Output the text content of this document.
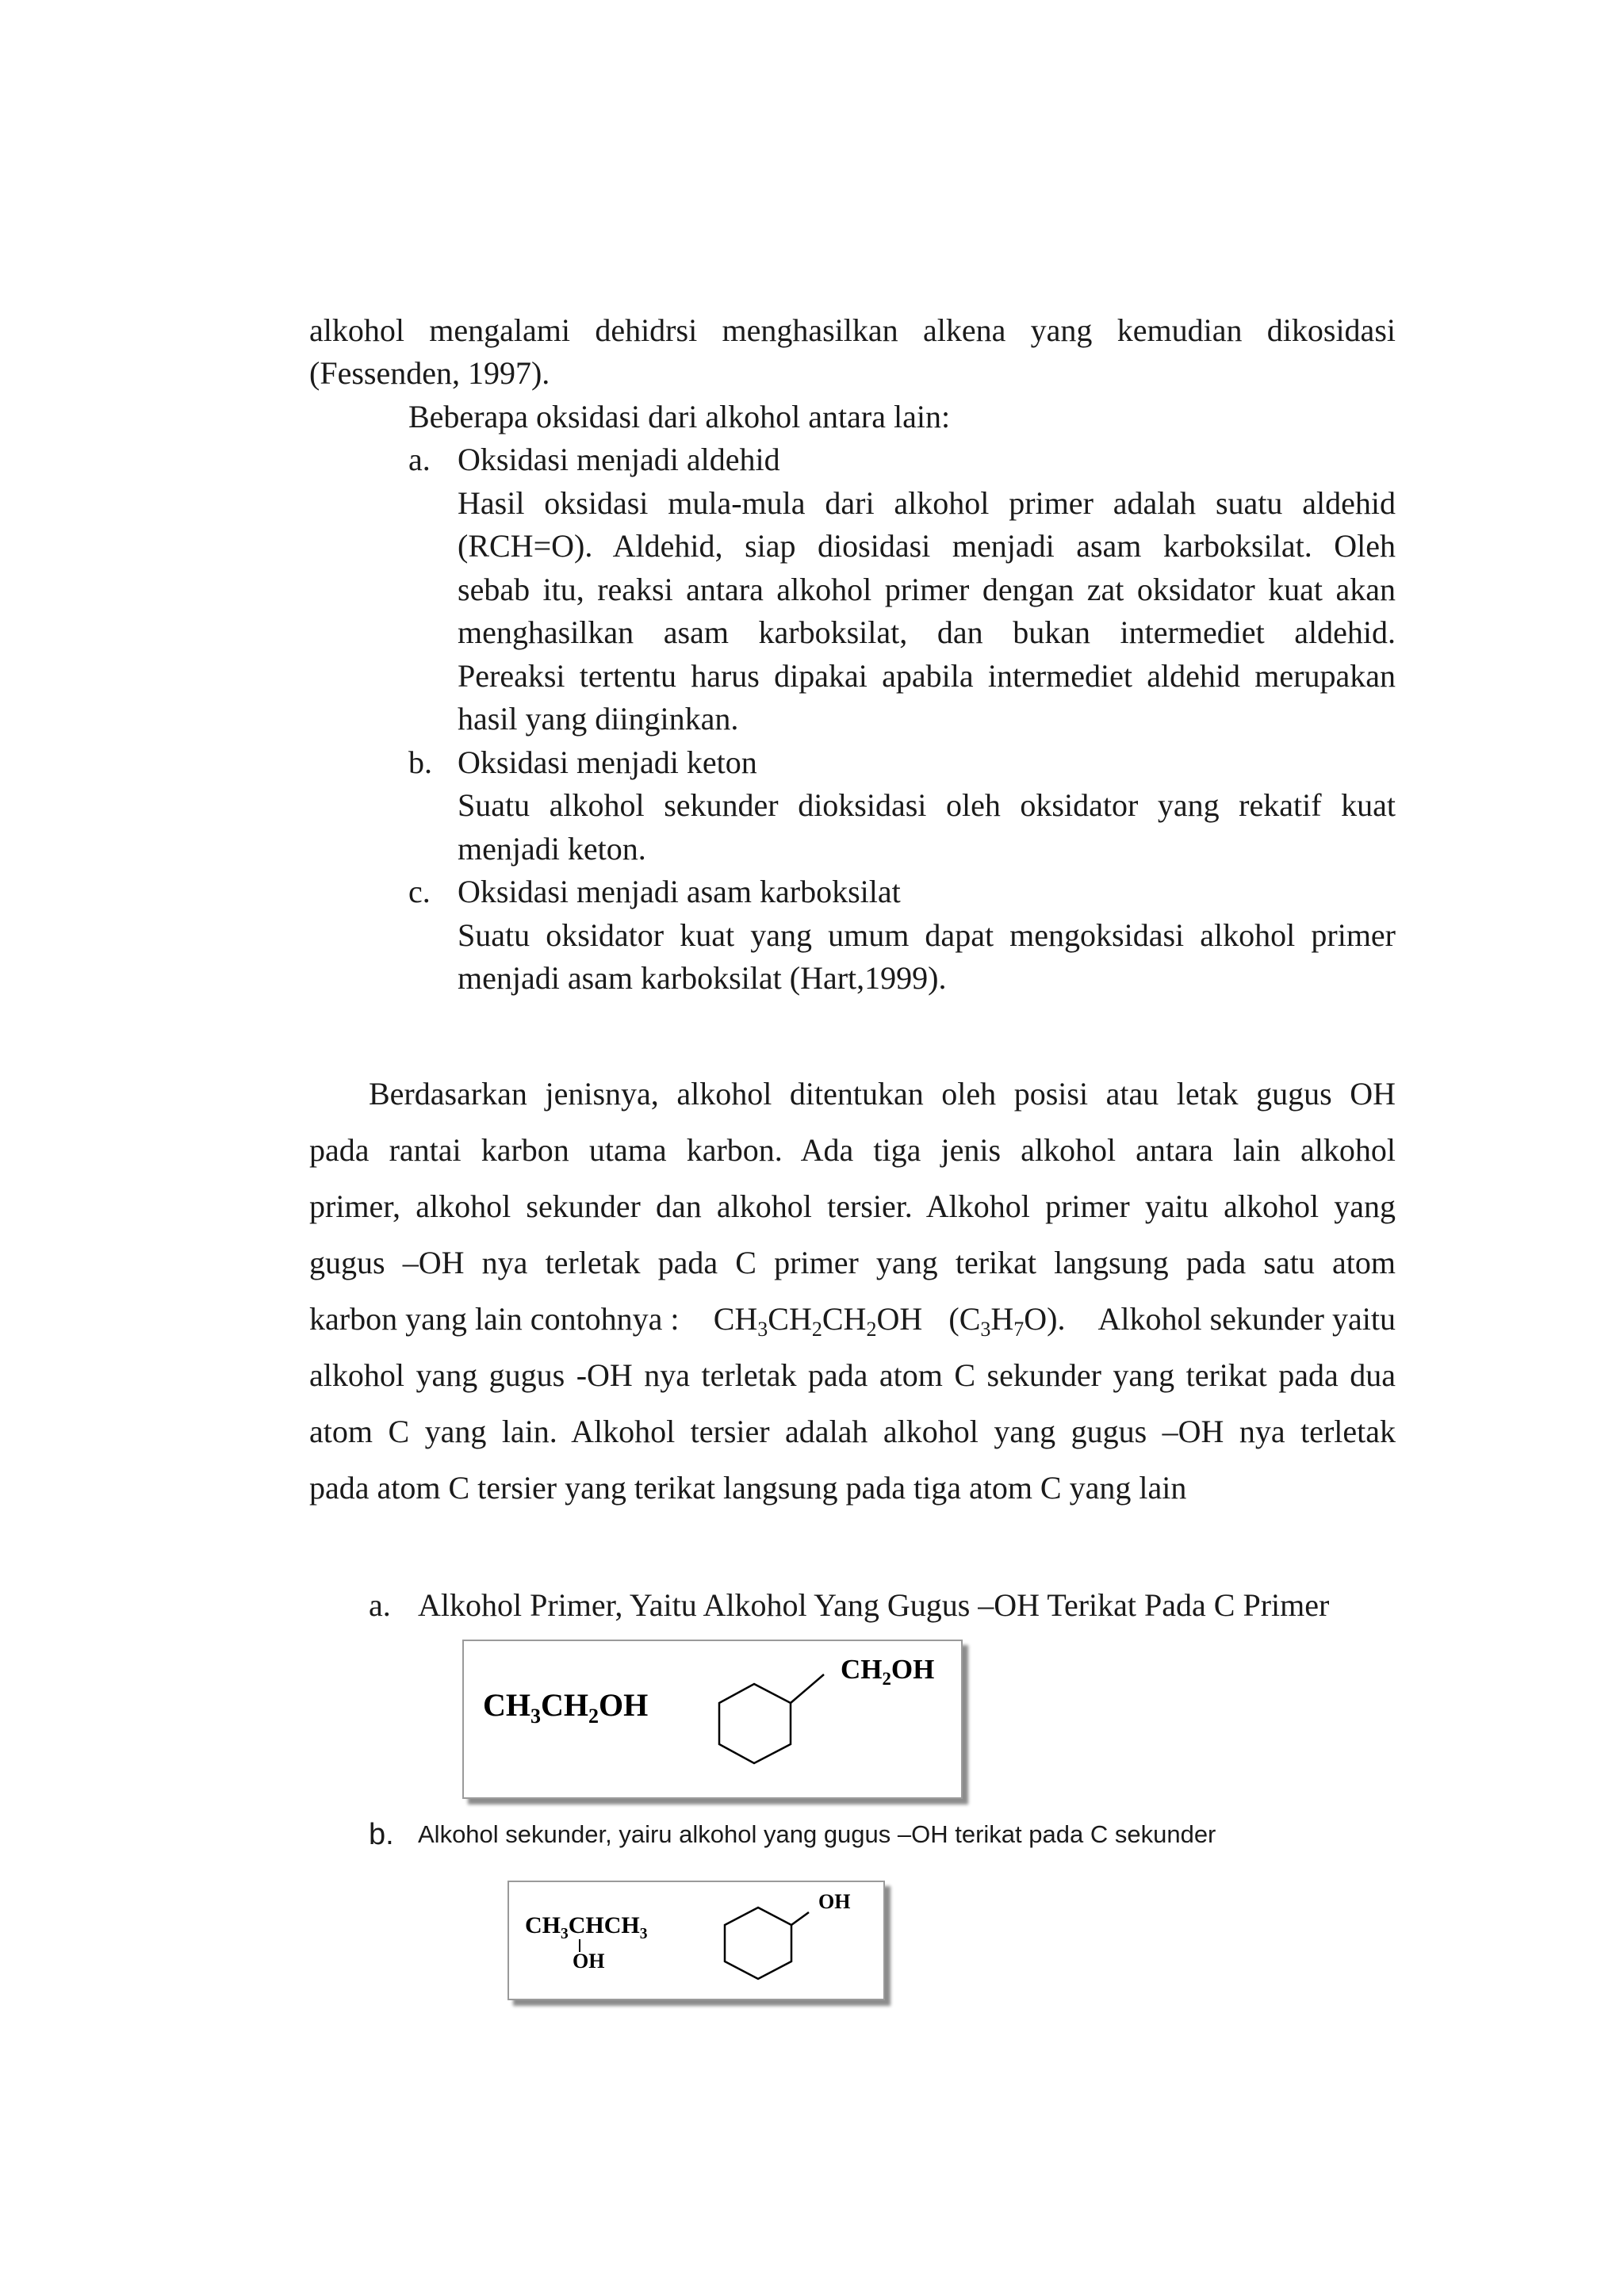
alkohol mengalami dehidrsi menghasilkan alkena yang kemudian dikosidasi
(Fessenden, 1997).
Beberapa oksidasi dari alkohol antara lain:
a. Oksidasi menjadi aldehid
Hasil oksidasi mula-mula dari alkohol primer adalah suatu aldehid
(RCH=O). Aldehid, siap diosidasi menjadi asam karboksilat. Oleh
sebab itu, reaksi antara alkohol primer dengan zat oksidator kuat akan
menghasilkan asam karboksilat, dan bukan intermediet aldehid.
Pereaksi tertentu harus dipakai apabila intermediet aldehid merupakan
hasil yang diinginkan.
b. Oksidasi menjadi keton
Suatu alkohol sekunder dioksidasi oleh oksidator yang rekatif kuat
menjadi keton.
c. Oksidasi menjadi asam karboksilat
Suatu oksidator kuat yang umum dapat mengoksidasi alkohol primer
menjadi asam karboksilat (Hart,1999).
Berdasarkan jenisnya, alkohol ditentukan oleh posisi atau letak gugus OH
pada rantai karbon utama karbon. Ada tiga jenis alkohol antara lain alkohol
primer, alkohol sekunder dan alkohol tersier. Alkohol primer yaitu alkohol yang
gugus –OH nya terletak pada C primer yang terikat langsung pada satu atom
karbon yang lain contohnya : $CH_3CH_2CH_2OH$ $(C_3H_7O)$. Alkohol sekunder yaitu
alkohol yang gugus -OH nya terletak pada atom C sekunder yang terikat pada dua
atom C yang lain. Alkohol tersier adalah alkohol yang gugus –OH nya terletak
pada atom C tersier yang terikat langsung pada tiga atom C yang lain
a. Alkohol Primer, Yaitu Alkohol Yang Gugus –OH Terikat Pada C Primer
$CH_3CH_2OH$
$CH_2OH$
b. Alkohol sekunder, yairu alkohol yang gugus –OH terikat pada C sekunder
$CH_3CHCH_3$
OH
OH
